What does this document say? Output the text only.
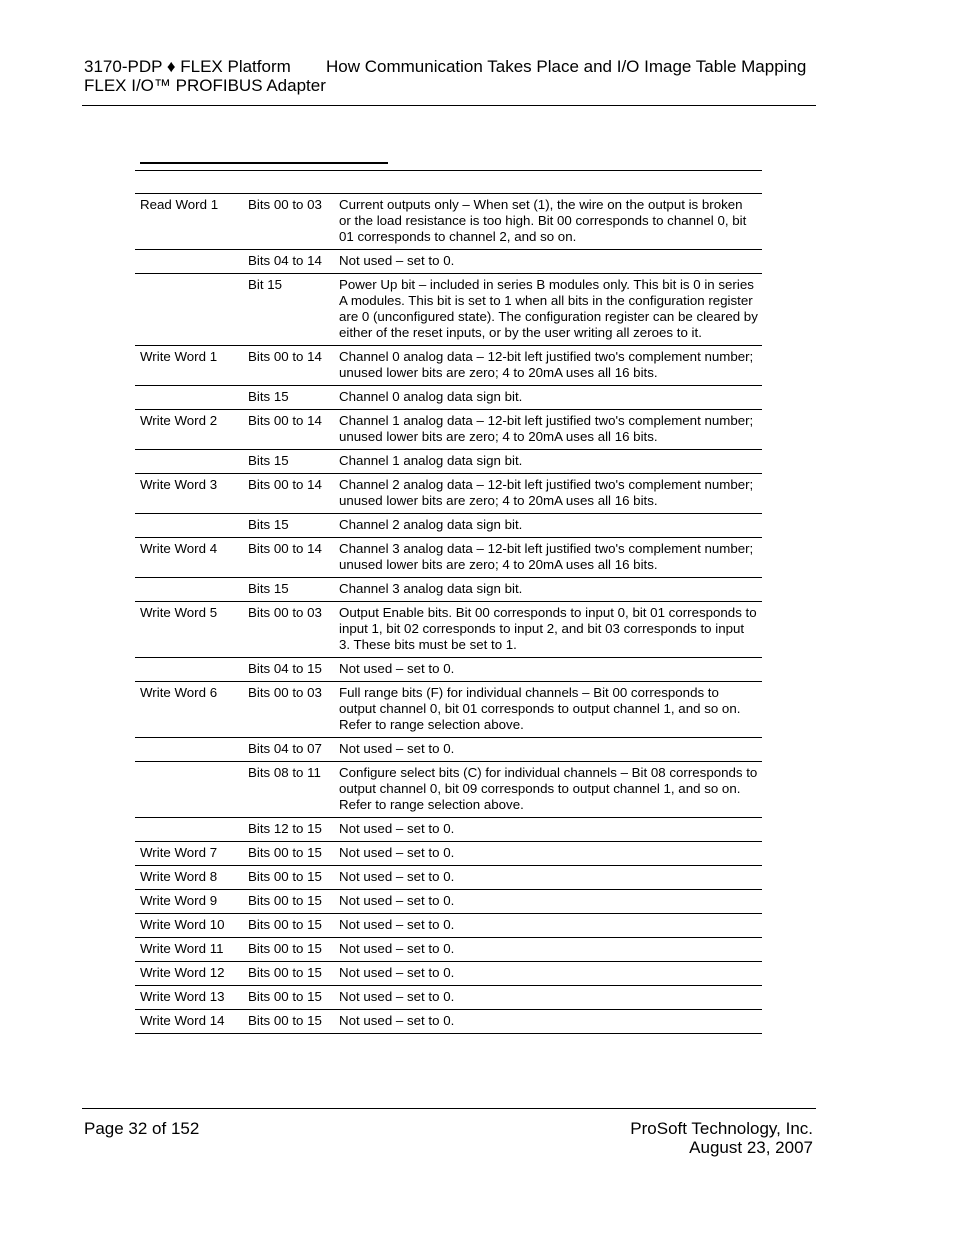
3170-PDP ♦ FLEX Platform
FLEX I/O™ PROFIBUS Adapter
How Communication Takes Place and I/O Image Table Mapping
Read Word 1	Bits 00 to 03	Current outputs only – When set (1), the wire on the output is broken or the load resistance is too high. Bit 00 corresponds to channel 0, bit 01 corresponds to channel 2, and so on.
	Bits 04 to 14	Not used – set to 0.
	Bit 15	Power Up bit – included in series B modules only. This bit is 0 in series A modules. This bit is set to 1 when all bits in the configuration register are 0 (unconfigured state). The configuration register can be cleared by either of the reset inputs, or by the user writing all zeroes to it.
Write Word 1	Bits 00 to 14	Channel 0 analog data – 12-bit left justified two's complement number; unused lower bits are zero; 4 to 20mA uses all 16 bits.
	Bits 15	Channel 0 analog data sign bit.
Write Word 2	Bits 00 to 14	Channel 1 analog data – 12-bit left justified two's complement number; unused lower bits are zero; 4 to 20mA uses all 16 bits.
	Bits 15	Channel 1 analog data sign bit.
Write Word 3	Bits 00 to 14	Channel 2 analog data – 12-bit left justified two's complement number; unused lower bits are zero; 4 to 20mA uses all 16 bits.
	Bits 15	Channel 2 analog data sign bit.
Write Word 4	Bits 00 to 14	Channel 3 analog data – 12-bit left justified two's complement number; unused lower bits are zero; 4 to 20mA uses all 16 bits.
	Bits 15	Channel 3 analog data sign bit.
Write Word 5	Bits 00 to 03	Output Enable bits. Bit 00 corresponds to input 0, bit 01 corresponds to input 1, bit 02 corresponds to input 2, and bit 03 corresponds to input 3. These bits must be set to 1.
	Bits 04 to 15	Not used – set to 0.
Write Word 6	Bits 00 to 03	Full range bits (F) for individual channels – Bit 00 corresponds to output channel 0, bit 01 corresponds to output channel 1, and so on. Refer to range selection above.
	Bits 04 to 07	Not used – set to 0.
	Bits 08 to 11	Configure select bits (C) for individual channels – Bit 08 corresponds to output channel 0, bit 09 corresponds to output channel 1, and so on. Refer to range selection above.
	Bits 12 to 15	Not used – set to 0.
Write Word 7	Bits 00 to 15	Not used – set to 0.
Write Word 8	Bits 00 to 15	Not used – set to 0.
Write Word 9	Bits 00 to 15	Not used – set to 0.
Write Word 10	Bits 00 to 15	Not used – set to 0.
Write Word 11	Bits 00 to 15	Not used – set to 0.
Write Word 12	Bits 00 to 15	Not used – set to 0.
Write Word 13	Bits 00 to 15	Not used – set to 0.
Write Word 14	Bits 00 to 15	Not used – set to 0.
Page 32 of 152	ProSoft Technology, Inc.
August 23, 2007
